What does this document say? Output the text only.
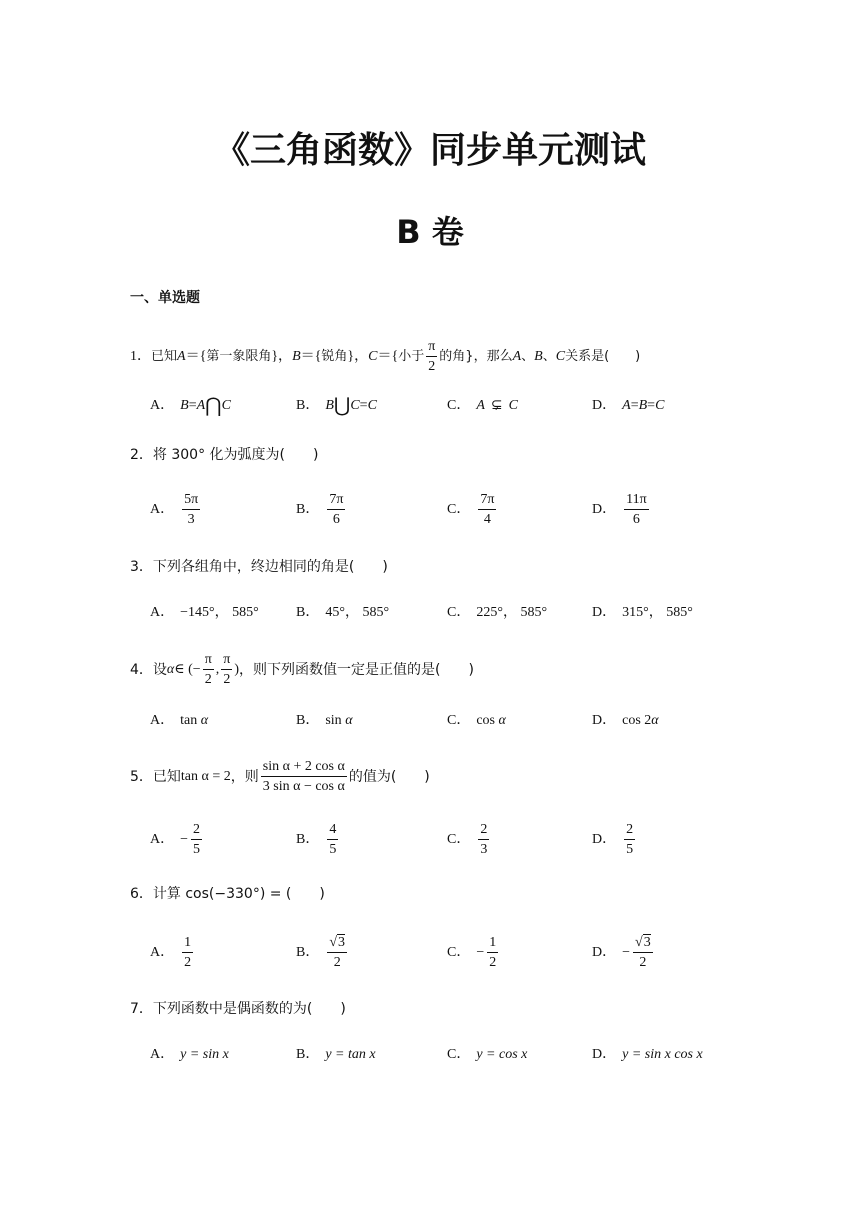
《三角函数》同步单元测试
B 卷
一、单选题
1． 已知 A ＝{ 第一象限角 }， B ＝{ 锐角 }， C ＝{ 小于 $\frac{\pi}{2}$ 的角 }，那么 A 、 B 、 C 关系是(　　)
A． B = A ⋂ C	B． B ⋃ C = C	C． A ⊊ C	D． A = B = C
2．将 300° 化为弧度为(　　)
A． $\frac{5\pi}{3}$	B． $\frac{7\pi}{6}$	C． $\frac{7\pi}{4}$	D． $\frac{11\pi}{6}$
3．下列各组角中，终边相同的角是(　　)
A． −145°， 585°	B． 45°， 585°	C． 225°， 585°	D． 315°， 585°
4．设 α ∈ (− $\frac{\pi}{2}$ , $\frac{\pi}{2}$ ) ，则下列函数值一定是正值的是(　　)
A． tan
α	B． sin
α	C． cos
α	D． cos 2 α
5．已知 tan α = 2 ，则 $\frac{\text{sin α + 2 cos α}}{\text{3 sin α − cos α}}$ 的值为(　　)
A． − $\frac{2}{5}$	B． $\frac{4}{5}$	C． $\frac{2}{3}$	D． $\frac{2}{5}$
6．计算 cos(−330°) = (　　)
A． $\frac{1}{2}$	B． $\frac{√3}{2}$	C． − $\frac{1}{2}$	D． − $\frac{√3}{2}$
7．下列函数中是偶函数的为(　　)
A． y = sin x	B． y = tan x	C． y = cos x	D． y = sin x cos x
